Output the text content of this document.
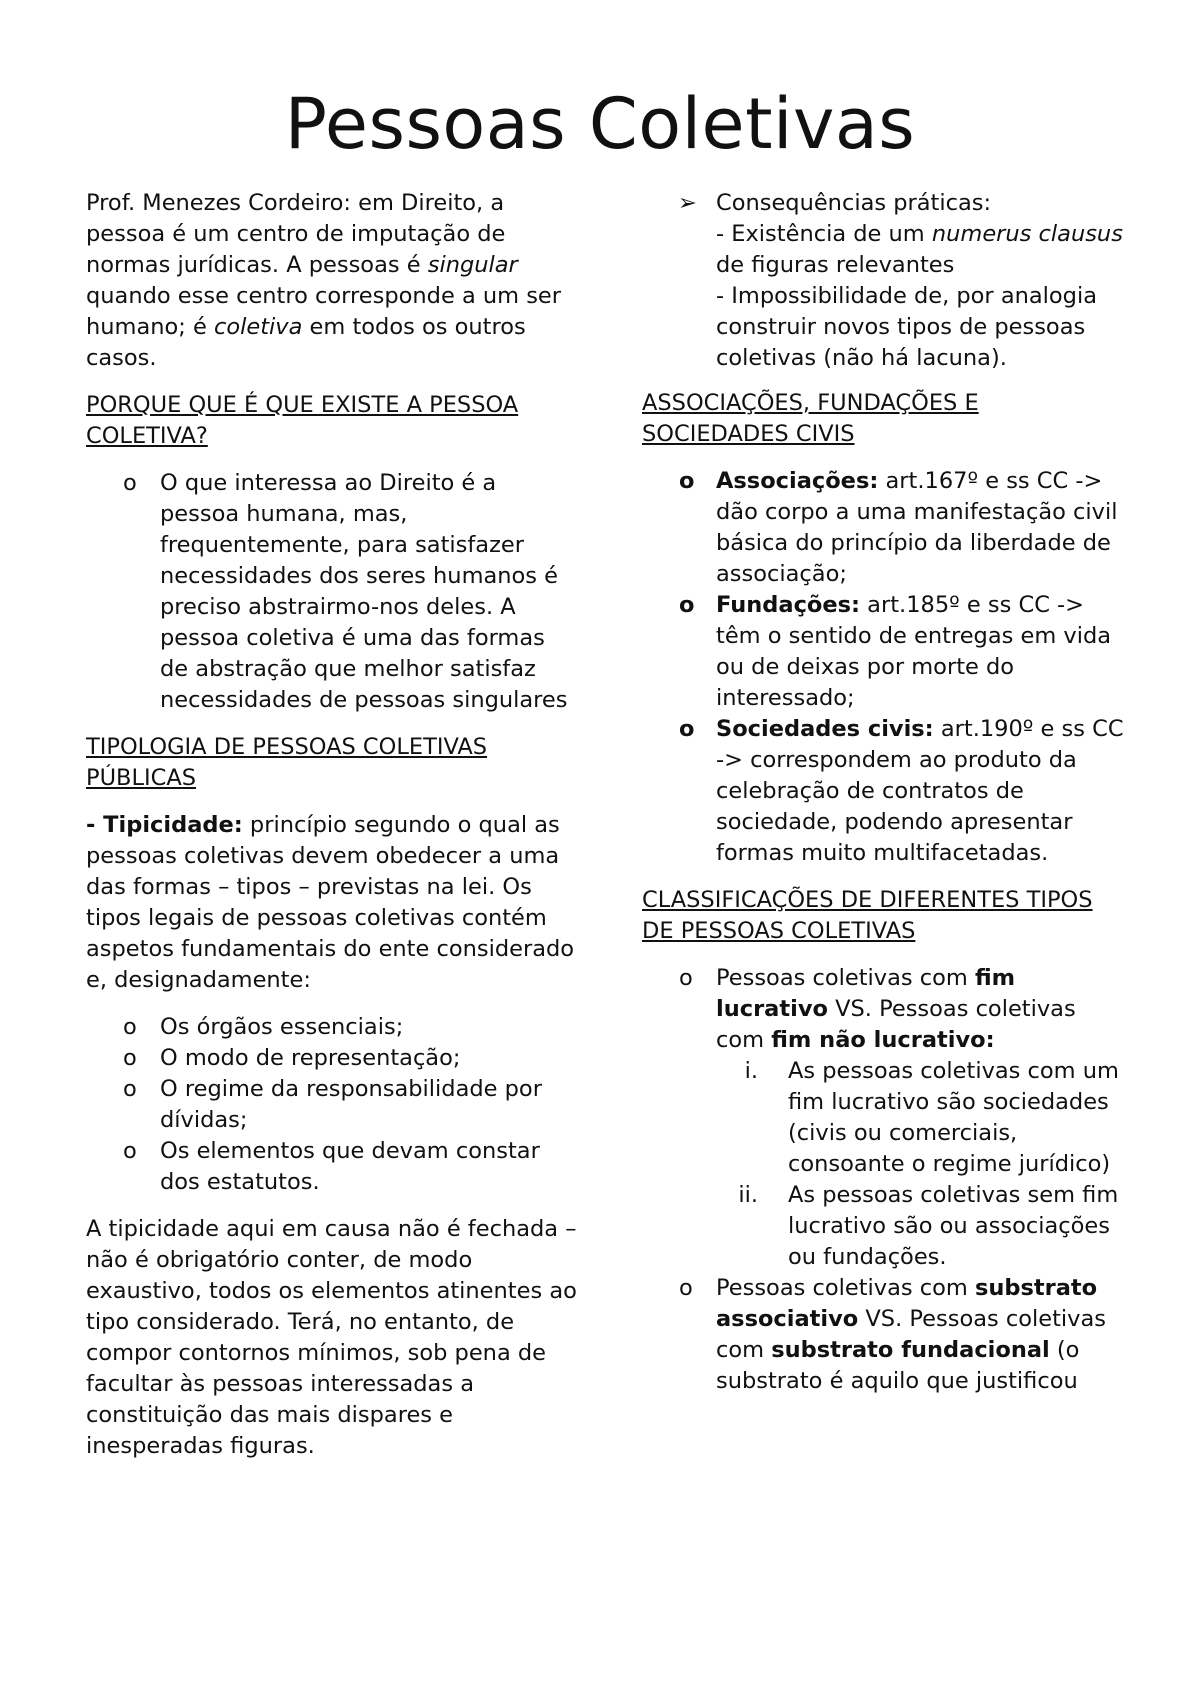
Pessoas Coletivas

Prof. Menezes Cordeiro: em Direito, a pessoa é um centro de imputação de normas jurídicas. A pessoas é singular quando esse centro corresponde a um ser humano; é coletiva em todos os outros casos.

PORQUE QUE É QUE EXISTE A PESSOA COLETIVA?
o O que interessa ao Direito é a pessoa humana, mas, frequentemente, para satisfazer necessidades dos seres humanos é preciso abstrairmo-nos deles. A pessoa coletiva é uma das formas de abstração que melhor satisfaz necessidades de pessoas singulares
TIPOLOGIA DE PESSOAS COLETIVAS PÚBLICAS

- Tipicidade: princípio segundo o qual as pessoas coletivas devem obedecer a uma das formas – tipos – previstas na lei. Os tipos legais de pessoas coletivas contém aspetos fundamentais do ente considerado e, designadamente:

o Os órgãos essenciais;
o O modo de representação;
o O regime da responsabilidade por dívidas;
o Os elementos que devam constar dos estatutos.

A tipicidade aqui em causa não é fechada – não é obrigatório conter, de modo exaustivo, todos os elementos atinentes ao tipo considerado. Terá, no entanto, de compor contornos mínimos, sob pena de facultar às pessoas interessadas a constituição das mais dispares e inesperadas figuras.

➢ Consequências práticas:
- Existência de um numerus clausus de figuras relevantes
- Impossibilidade de, por analogia construir novos tipos de pessoas coletivas (não há lacuna).
ASSOCIAÇÕES, FUNDAÇÕES E SOCIEDADES CIVIS
o Associações: art.167º e ss CC -> dão corpo a uma manifestação civil básica do princípio da liberdade de associação;
o Fundações: art.185º e ss CC -> têm o sentido de entregas em vida ou de deixas por morte do interessado;
o Sociedades civis: art.190º e ss CC -> correspondem ao produto da celebração de contratos de sociedade, podendo apresentar formas muito multifacetadas.
CLASSIFICAÇÕES DE DIFERENTES TIPOS DE PESSOAS COLETIVAS
o Pessoas coletivas com fim lucrativo VS. Pessoas coletivas com fim não lucrativo:
i. As pessoas coletivas com um fim lucrativo são sociedades (civis ou comerciais, consoante o regime jurídico)
ii. As pessoas coletivas sem fim lucrativo são ou associações ou fundações.
o Pessoas coletivas com substrato associativo VS. Pessoas coletivas com substrato fundacional (o substrato é aquilo que justificou
